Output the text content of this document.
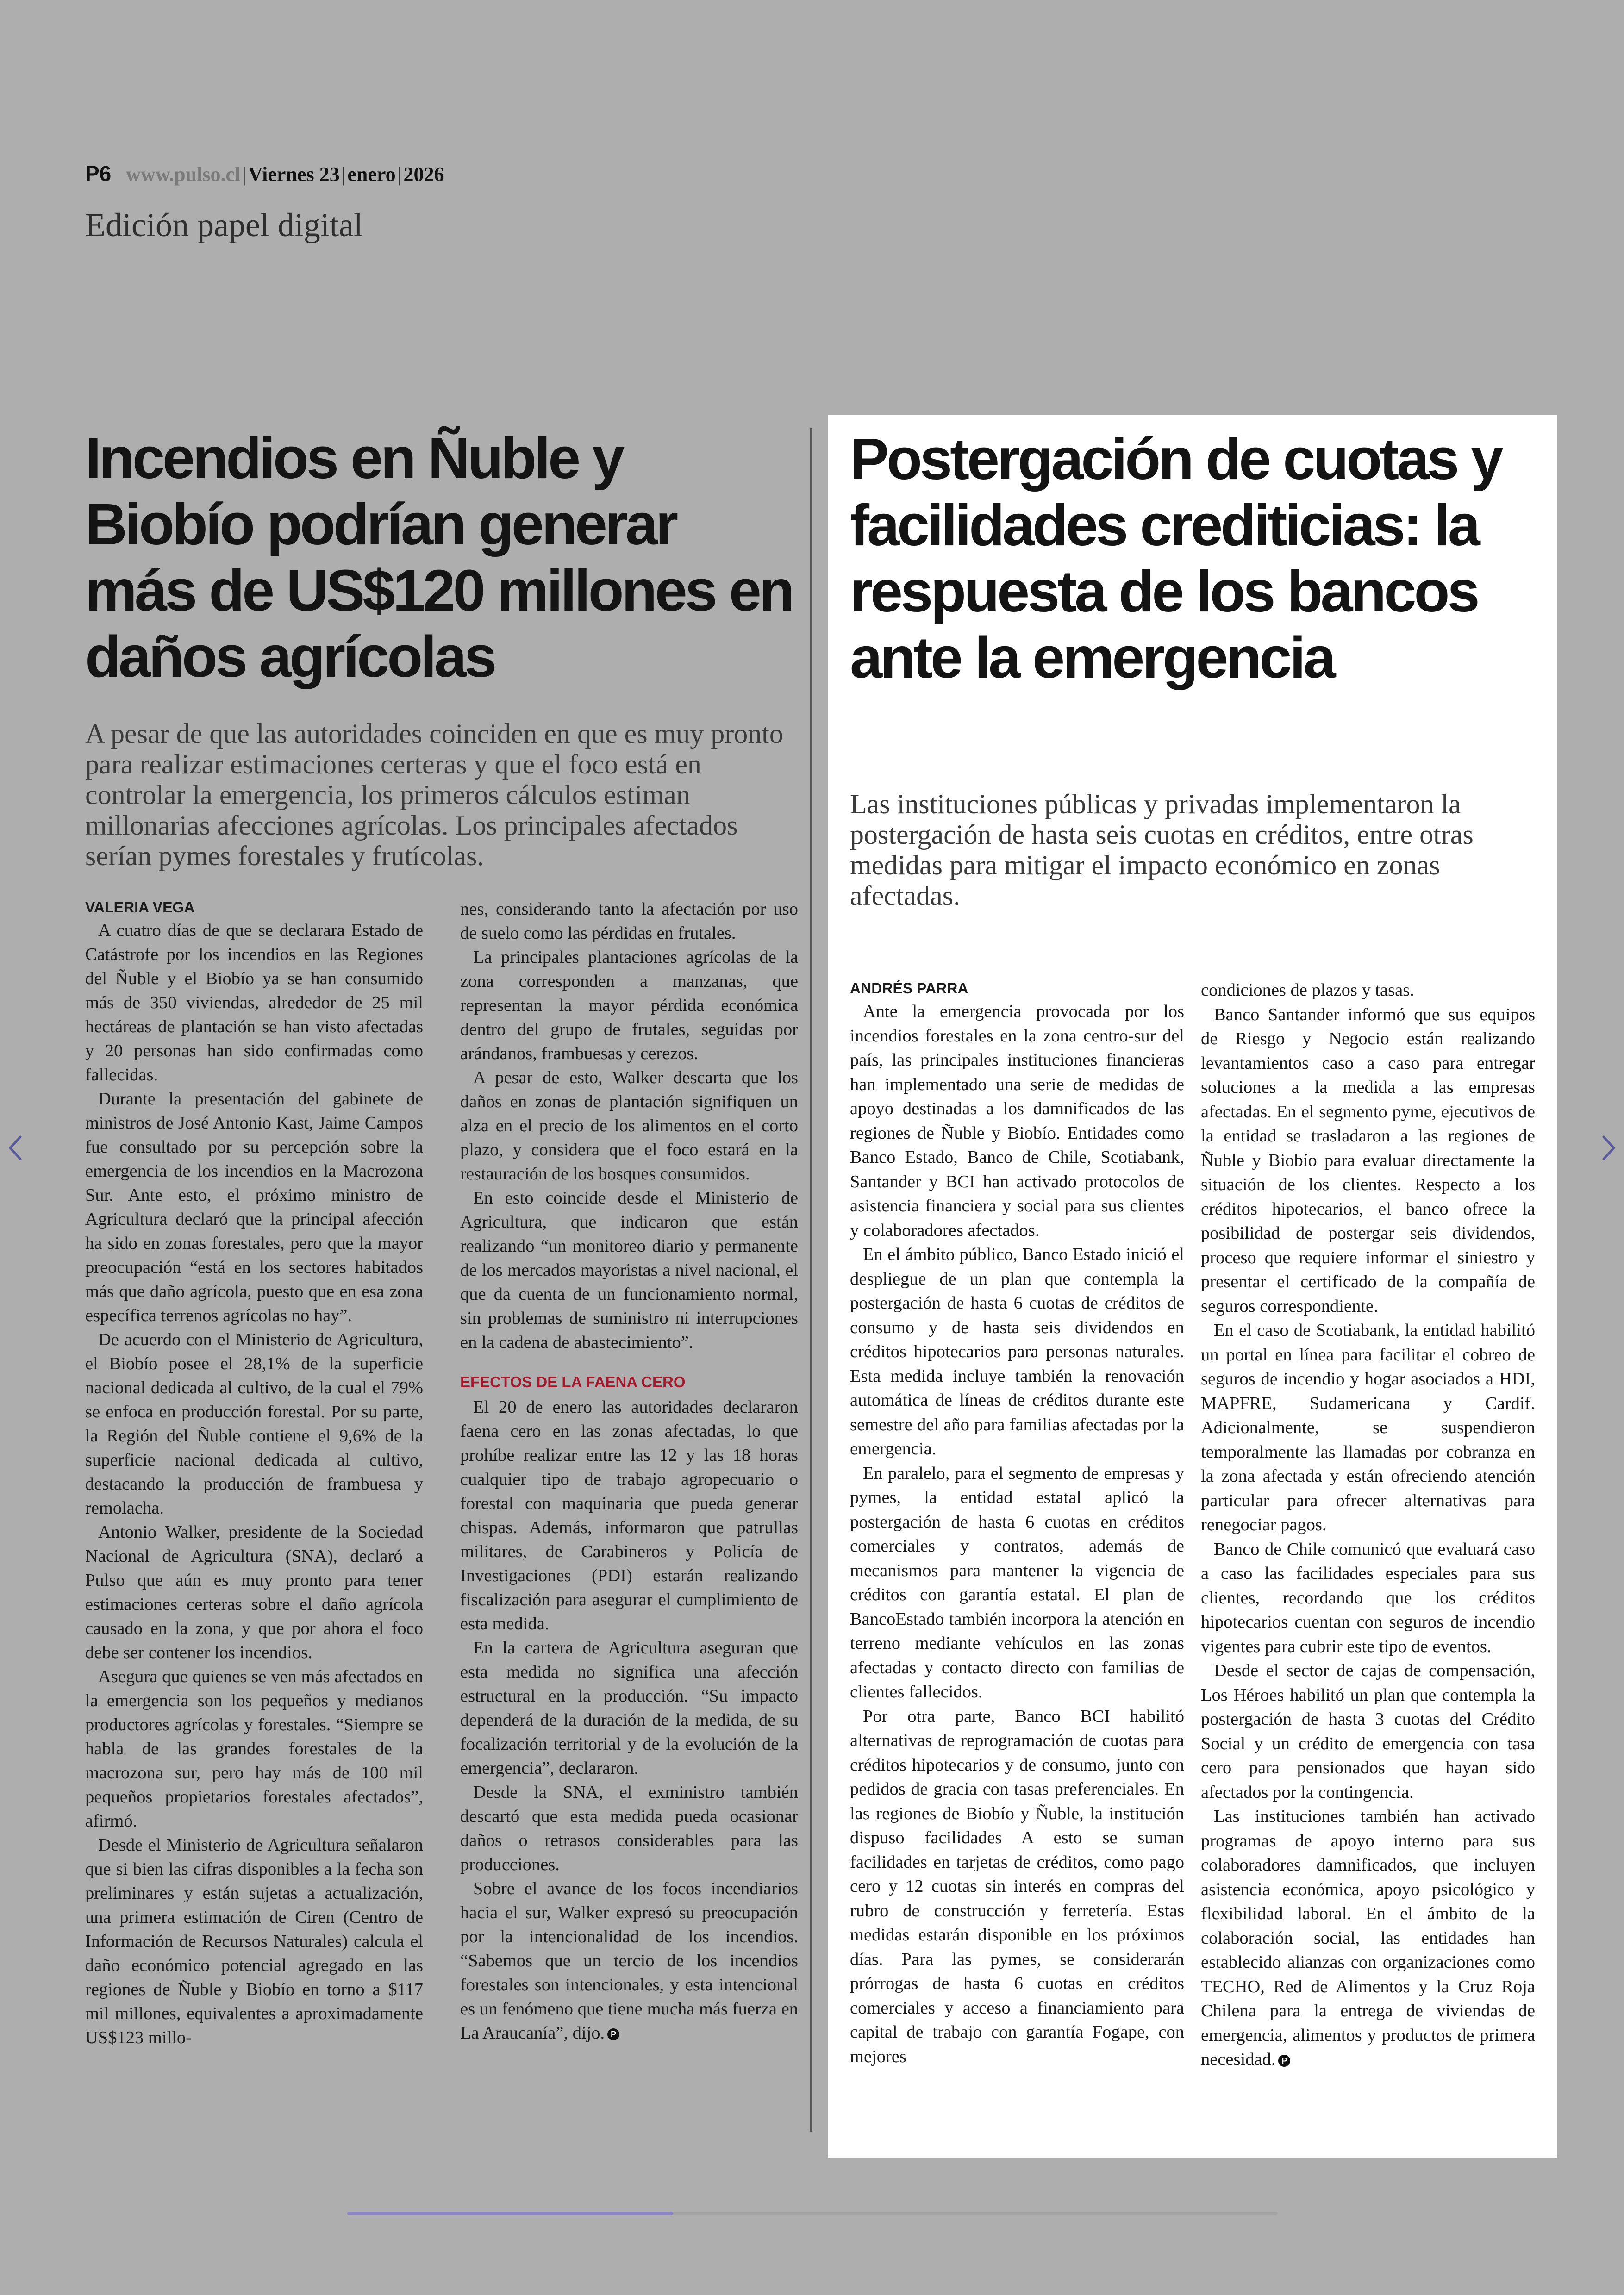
P6 www.pulso.cl|Viernes 23|enero|2026
Edición papel digital
Incendios en Ñuble y Biobío podrían generar más de US$120 millones en daños agrícolas

A pesar de que las autoridades coinciden en que es muy pronto para realizar estimaciones certeras y que el foco está en controlar la emergencia, los primeros cálculos estiman millonarias afecciones agrícolas. Los principales afectados serían pymes forestales y frutícolas.

VALERIA VEGA

A cuatro días de que se declarara Estado de Catástrofe por los incendios en las Regiones del Ñuble y el Biobío ya se han consumido más de 350 viviendas, alrededor de 25 mil hectáreas de plantación se han visto afectadas y 20 personas han sido confirmadas como fallecidas.

Durante la presentación del gabinete de ministros de José Antonio Kast, Jaime Campos fue consultado por su percepción sobre la emergencia de los incendios en la Macrozona Sur. Ante esto, el próximo ministro de Agricultura declaró que la principal afección ha sido en zonas forestales, pero que la mayor preocupación “está en los sectores habitados más que daño agrícola, puesto que en esa zona específica terrenos agrícolas no hay”.

De acuerdo con el Ministerio de Agricultura, el Biobío posee el 28,1% de la superficie nacional dedicada al cultivo, de la cual el 79% se enfoca en producción forestal. Por su parte, la Región del Ñuble contiene el 9,6% de la superficie nacional dedicada al cultivo, destacando la producción de frambuesa y remolacha.

Antonio Walker, presidente de la Sociedad Nacional de Agricultura (SNA), declaró a Pulso que aún es muy pronto para tener estimaciones certeras sobre el daño agrícola causado en la zona, y que por ahora el foco debe ser contener los incendios.

Asegura que quienes se ven más afectados en la emergencia son los pequeños y medianos productores agrícolas y forestales. “Siempre se habla de las grandes forestales de la macrozona sur, pero hay más de 100 mil pequeños propietarios forestales afectados”, afirmó.

Desde el Ministerio de Agricultura señalaron que si bien las cifras disponibles a la fecha son preliminares y están sujetas a actualización, una primera estimación de Ciren (Centro de Información de Recursos Naturales) calcula el daño económico potencial agregado en las regiones de Ñuble y Biobío en torno a $117 mil millones, equivalentes a aproximadamente US$123 millo-

nes, considerando tanto la afectación por uso de suelo como las pérdidas en frutales.

La principales plantaciones agrícolas de la zona corresponden a manzanas, que representan la mayor pérdida económica dentro del grupo de frutales, seguidas por arándanos, frambuesas y cerezos.

A pesar de esto, Walker descarta que los daños en zonas de plantación signifiquen un alza en el precio de los alimentos en el corto plazo, y considera que el foco estará en la restauración de los bosques consumidos.

En esto coincide desde el Ministerio de Agricultura, que indicaron que están realizando “un monitoreo diario y permanente de los mercados mayoristas a nivel nacional, el que da cuenta de un funcionamiento normal, sin problemas de suministro ni interrupciones en la cadena de abastecimiento”.

EFECTOS DE LA FAENA CERO

El 20 de enero las autoridades declararon faena cero en las zonas afectadas, lo que prohíbe realizar entre las 12 y las 18 horas cualquier tipo de trabajo agropecuario o forestal con maquinaria que pueda generar chispas. Además, informaron que patrullas militares, de Carabineros y Policía de Investigaciones (PDI) estarán realizando fiscalización para asegurar el cumplimiento de esta medida.

En la cartera de Agricultura aseguran que esta medida no significa una afección estructural en la producción. “Su impacto dependerá de la duración de la medida, de su focalización territorial y de la evolución de la emergencia”, declararon.

Desde la SNA, el exministro también descartó que esta medida pueda ocasionar daños o retrasos considerables para las producciones.

Sobre el avance de los focos incendiarios hacia el sur, Walker expresó su preocupación por la intencionalidad de los incendios. “Sabemos que un tercio de los incendios forestales son intencionales, y esta intencional es un fenómeno que tiene mucha más fuerza en La Araucanía”, dijo. P

Postergación de cuotas y facilidades crediticias: la respuesta de los bancos ante la emergencia

Las instituciones públicas y privadas implementaron la postergación de hasta seis cuotas en créditos, entre otras medidas para mitigar el impacto económico en zonas afectadas.

ANDRÉS PARRA

Ante la emergencia provocada por los incendios forestales en la zona centro-sur del país, las principales instituciones financieras han implementado una serie de medidas de apoyo destinadas a los damnificados de las regiones de Ñuble y Biobío. Entidades como Banco Estado, Banco de Chile, Scotiabank, Santander y BCI han activado protocolos de asistencia financiera y social para sus clientes y colaboradores afectados.

En el ámbito público, Banco Estado inició el despliegue de un plan que contempla la postergación de hasta 6 cuotas de créditos de consumo y de hasta seis dividendos en créditos hipotecarios para personas naturales. Esta medida incluye también la renovación automática de líneas de créditos durante este semestre del año para familias afectadas por la emergencia.

En paralelo, para el segmento de empresas y pymes, la entidad estatal aplicó la postergación de hasta 6 cuotas en créditos comerciales y contratos, además de mecanismos para mantener la vigencia de créditos con garantía estatal. El plan de BancoEstado también incorpora la atención en terreno mediante vehículos en las zonas afectadas y contacto directo con familias de clientes fallecidos.

Por otra parte, Banco BCI habilitó alternativas de reprogramación de cuotas para créditos hipotecarios y de consumo, junto con pedidos de gracia con tasas preferenciales. En las regiones de Biobío y Ñuble, la institución dispuso facilidades A esto se suman facilidades en tarjetas de créditos, como pago cero y 12 cuotas sin interés en compras del rubro de construcción y ferretería. Estas medidas estarán disponible en los próximos días. Para las pymes, se considerarán prórrogas de hasta 6 cuotas en créditos comerciales y acceso a financiamiento para capital de trabajo con garantía Fogape, con mejores

condiciones de plazos y tasas.

Banco Santander informó que sus equipos de Riesgo y Negocio están realizando levantamientos caso a caso para entregar soluciones a la medida a las empresas afectadas. En el segmento pyme, ejecutivos de la entidad se trasladaron a las regiones de Ñuble y Biobío para evaluar directamente la situación de los clientes. Respecto a los créditos hipotecarios, el banco ofrece la posibilidad de postergar seis dividendos, proceso que requiere informar el siniestro y presentar el certificado de la compañía de seguros correspondiente.

En el caso de Scotiabank, la entidad habilitó un portal en línea para facilitar el cobreo de seguros de incendio y hogar asociados a HDI, MAPFRE, Sudamericana y Cardif. Adicionalmente, se suspendieron temporalmente las llamadas por cobranza en la zona afectada y están ofreciendo atención particular para ofrecer alternativas para renegociar pagos.

Banco de Chile comunicó que evaluará caso a caso las facilidades especiales para sus clientes, recordando que los créditos hipotecarios cuentan con seguros de incendio vigentes para cubrir este tipo de eventos.

Desde el sector de cajas de compensación, Los Héroes habilitó un plan que contempla la postergación de hasta 3 cuotas del Crédito Social y un crédito de emergencia con tasa cero para pensionados que hayan sido afectados por la contingencia.

Las instituciones también han activado programas de apoyo interno para sus colaboradores damnificados, que incluyen asistencia económica, apoyo psicológico y flexibilidad laboral. En el ámbito de la colaboración social, las entidades han establecido alianzas con organizaciones como TECHO, Red de Alimentos y la Cruz Roja Chilena para la entrega de viviendas de emergencia, alimentos y productos de primera necesidad. P
